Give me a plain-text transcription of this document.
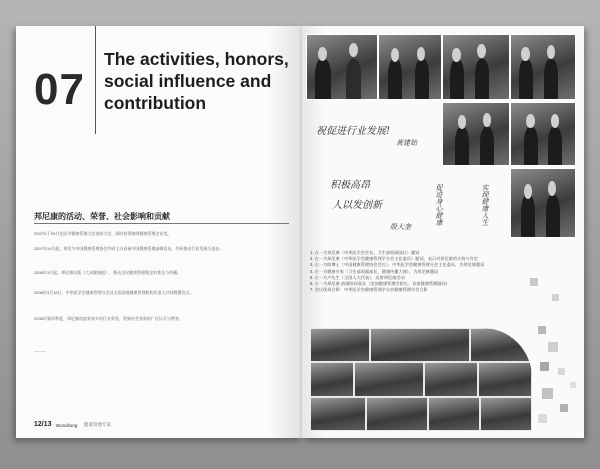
07
The activities, honors, social influence and contribution
邦尼康的活动、荣誉、社会影响和贡献
2007年于05月在医学健康管理大会表彰大会，同时获得康师健康管理企业奖。
2007年10月起，邦尼与中国健康管理协会共同主办首届中国健康管理高峰论坛，共同推动行业发展与进步。
2008年3月起，邦尼康出版《大众健康报》，推动全民健康管理理念的普及与传播。
2008年3月18日，中华医学会健康管理分会及全国各地健康管理机构负责人共同签署宣言。
2008年第四季度，邦尼康再度荣获多项行业荣誉，得到社会各界的广泛认可与赞誉。
……
12/13 Bonnikang 健康管理专家
祝促进行业发展!
黄建始
积极高昂
人以发创新
殷大奎
促进身心健康	实现健康人生
1. 在一为邦尼康（中华医学会会长、卫生部原副部长）题词
2. 在一为邦尼康（中华医学会健康管理学分会主任委员）题词，表示对邦尼康的支持与肯定
3. 右一为陈博士（中国健康管理协会会长），中华医学会健康管理分会主任委员，为邦尼康题词
4. 右一为健康专家（卫生部原副部长、健康传播大使），为邦尼康题词
5. 右一为卢先生（全国人大代表），出席邦尼康活动
6. 右一为邦尼康 前排陪同嘉宾（美国健康管理学院长、首席健康管理顾问）
7. 会议现场合影：中华医学会健康管理学分会健康管理年会合影
